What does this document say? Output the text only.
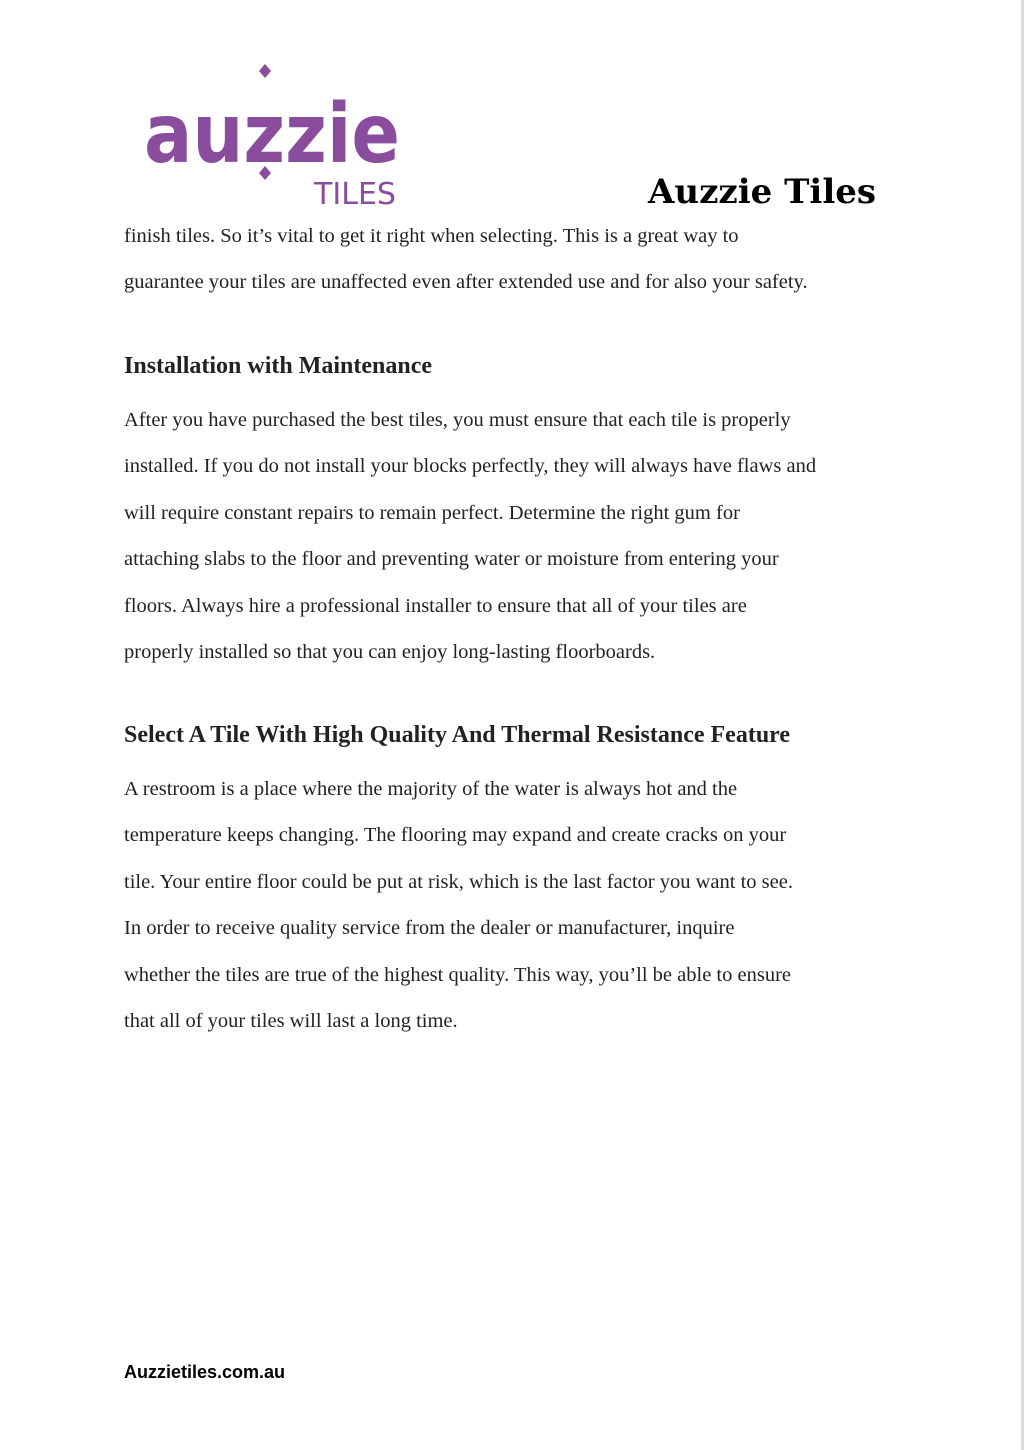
auzzie
TILES	Auzzie Tiles

finish tiles. So it’s vital to get it right when selecting. This is a great way to
guarantee your tiles are unaffected even after extended use and for also your safety.

Installation with Maintenance

After you have purchased the best tiles, you must ensure that each tile is properly
installed. If you do not install your blocks perfectly, they will always have flaws and
will require constant repairs to remain perfect. Determine the right gum for
attaching slabs to the floor and preventing water or moisture from entering your
floors. Always hire a professional installer to ensure that all of your tiles are
properly installed so that you can enjoy long-lasting floorboards.

Select A Tile With High Quality And Thermal Resistance Feature

A restroom is a place where the majority of the water is always hot and the
temperature keeps changing. The flooring may expand and create cracks on your
tile. Your entire floor could be put at risk, which is the last factor you want to see.
In order to receive quality service from the dealer or manufacturer, inquire
whether the tiles are true of the highest quality. This way, you’ll be able to ensure
that all of your tiles will last a long time.

Auzzietiles.com.au
